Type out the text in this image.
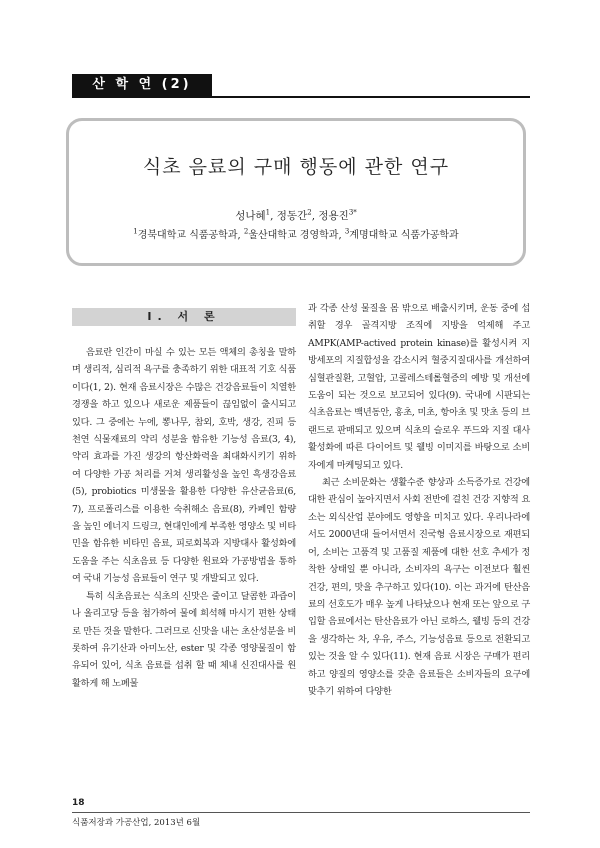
산 학 연 (2)
식초 음료의 구매 행동에 관한 연구
성나혜$^1$, 정동간$^2$, 정용진$^{3*}$
$^1$경북대학교 식품공학과, $^2$울산대학교 경영학과, $^3$계명대학교 식품가공학과
Ⅰ. 서 론

음료란 인간이 마실 수 있는 모든 액체의 총칭을 말하며 생리적, 심리적 욕구를 충족하기 위한 대표적 기호 식품이다(1, 2). 현재 음료시장은 수많은 건강음료들이 치열한 경쟁을 하고 있으나 새로운 제품들이 끊임없이 출시되고 있다. 그 중에는 누에, 뽕나무, 참외, 호박, 생강, 진피 등 천연 식물재료의 약리 성분을 함유한 기능성 음료(3, 4), 약리 효과를 가진 생강의 항산화력을 최대화시키기 위하여 다양한 가공 처리를 거쳐 생리활성을 높인 흑생강음료(5), probiotics 미생물을 활용한 다양한 유산균음료(6, 7), 프로폴리스를 이용한 숙취해소 음료(8), 카페인 함량을 높인 에너지 드링크, 현대인에게 부족한 영양소 및 비타민을 함유한 비타민 음료, 피로회복과 지방대사 활성화에 도움을 주는 식초음료 등 다양한 원료와 가공방법을 통하여 국내 기능성 음료들이 연구 및 개발되고 있다.

특히 식초음료는 식초의 신맛은 줄이고 달콤한 과즙이나 올리고당 등을 첨가하여 물에 희석해 마시기 편한 상태로 만든 것을 말한다. 그러므로 신맛을 내는 초산성분을 비롯하여 유기산과 아미노산, ester 및 각종 영양물질이 함유되어 있어, 식초 음료를 섭취 할 때 체내 신진대사를 원활하게 해 노폐물

과 각종 산성 물질을 몸 밖으로 배출시키며, 운동 중에 섭취할 경우 골격지방 조직에 지방을 억제해 주고 AMPK(AMP-actived protein kinase)를 활성시켜 지방세포의 지질합성을 감소시켜 혈중지질대사를 개선하여 심혈관질환, 고혈압, 고콜레스테롤혈증의 예방 및 개선에 도움이 되는 것으로 보고되어 있다(9). 국내에 시판되는 식초음료는 백년동안, 홍초, 미초, 항아초 및 맛초 등의 브랜드로 판매되고 있으며 식초의 슬로우 푸드와 지질 대사 활성화에 따른 다이어트 및 웰빙 이미지를 바탕으로 소비자에게 마케팅되고 있다.

최근 소비문화는 생활수준 향상과 소득증가로 건강에 대한 관심이 높아지면서 사회 전반에 걸친 건강 지향적 요소는 외식산업 분야에도 영향을 미치고 있다. 우리나라에서도 2000년대 들어서면서 진국형 음료시장으로 재편되어, 소비는 고품격 및 고품질 제품에 대한 선호 추세가 정착한 상태일 뿐 아니라, 소비자의 욕구는 이전보다 훨씬 건강, 편의, 맛을 추구하고 있다(10). 이는 과거에 탄산음료의 선호도가 매우 높게 나타났으나 현재 또는 앞으로 구입할 음료에서는 탄산음료가 아닌 로하스, 웰빙 등의 건강을 생각하는 차, 우유, 주스, 기능성음료 등으로 전환되고 있는 것을 알 수 있다(11). 현재 음료 시장은 구매가 편리하고 양질의 영양소를 갖춘 음료들은 소비자들의 요구에 맞추기 위하여 다양한

18
식품저장과 가공산업, 2013년 6월
